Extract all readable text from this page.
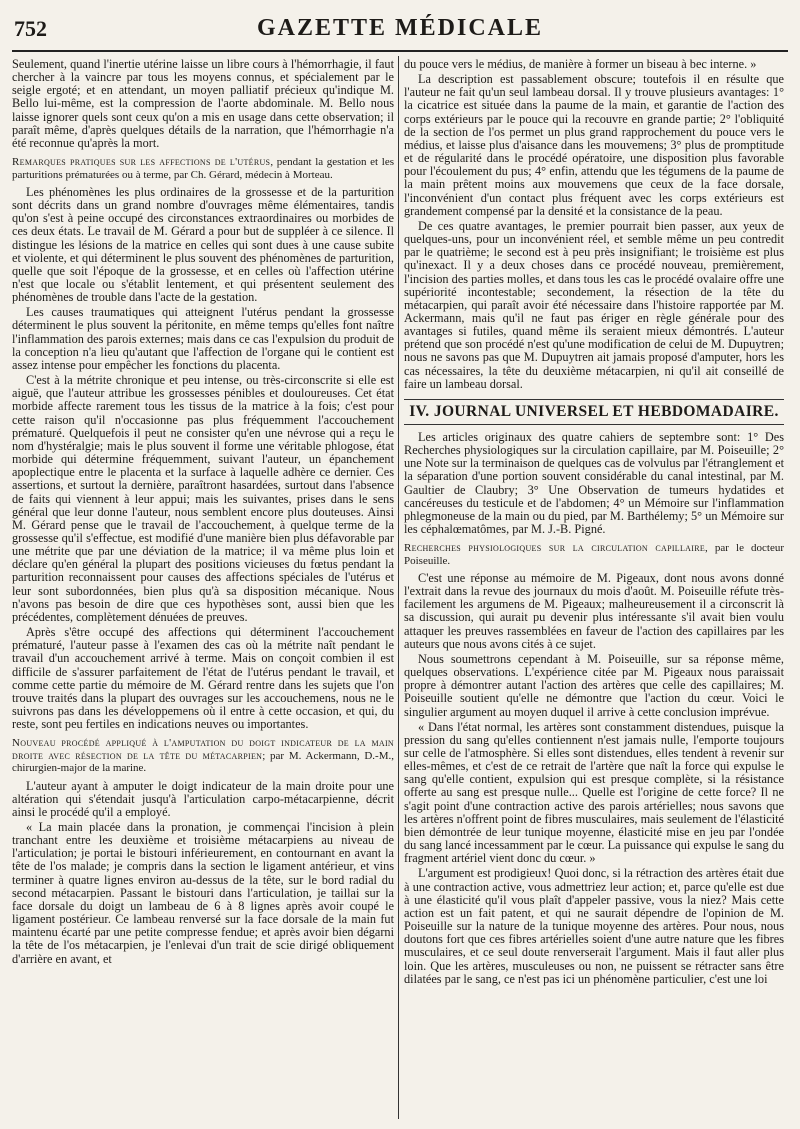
752	GAZETTE MÉDICALE

Seulement, quand l'inertie utérine laisse un libre cours à l'hémorrhagie, il faut chercher à la vaincre par tous les moyens connus, et spécialement par le seigle ergoté; et en attendant, un moyen palliatif précieux qu'indique M. Bello lui-même, est la compression de l'aorte abdominale. M. Bello nous laisse ignorer quels sont ceux qu'on a mis en usage dans cette observation; il paraît même, d'après quelques détails de la narration, que l'hémorrhagie n'a été reconnue qu'après la mort.

Remarques pratiques sur les affections de l'utérus, pendant la gestation et les parturitions prématurées ou à terme, par Ch. Gérard, médecin à Morteau.

Les phénomènes les plus ordinaires de la grossesse et de la parturition sont décrits dans un grand nombre d'ouvrages même élémentaires, tandis qu'on s'est à peine occupé des circonstances extraordinaires ou morbides de ces deux états. Le travail de M. Gérard a pour but de suppléer à ce silence. Il distingue les lésions de la matrice en celles qui sont dues à une cause subite et violente, et qui déterminent le plus souvent des phénomènes de parturition, quelle que soit l'époque de la grossesse, et en celles où l'affection utérine n'est que locale ou s'établit lentement, et qui présentent seulement des phénomènes de trouble dans l'acte de la gestation.

Les causes traumatiques qui atteignent l'utérus pendant la grossesse déterminent le plus souvent la péritonite, en même temps qu'elles font naître l'inflammation des parois externes; mais dans ce cas l'expulsion du produit de la conception n'a lieu qu'autant que l'affection de l'organe qui le contient est assez intense pour empêcher les fonctions du placenta.

C'est à la métrite chronique et peu intense, ou très-circonscrite si elle est aiguë, que l'auteur attribue les grossesses pénibles et douloureuses. Cet état morbide affecte rarement tous les tissus de la matrice à la fois; c'est pour cette raison qu'il n'occasionne pas plus fréquemment l'accouchement prématuré. Quelquefois il peut ne consister qu'en une névrose qui a reçu le nom d'hystéralgie; mais le plus souvent il forme une véritable phlogose, état morbide qui détermine fréquemment, suivant l'auteur, un épanchement apoplectique entre le placenta et la surface à laquelle adhère ce dernier. Ces assertions, et surtout la dernière, paraîtront hasardées, surtout dans l'absence de faits qui viennent à leur appui; mais les suivantes, prises dans le sens général que leur donne l'auteur, nous semblent encore plus douteuses. Ainsi M. Gérard pense que le travail de l'accouchement, à quelque terme de la grossesse qu'il s'effectue, est modifié d'une manière bien plus défavorable par une métrite que par une déviation de la matrice; il va même plus loin et déclare qu'en général la plupart des positions vicieuses du fœtus pendant la parturition reconnaissent pour causes des affections spéciales de l'utérus et leur sont subordonnées, bien plus qu'à sa disposition mécanique. Nous n'avons pas besoin de dire que ces hypothèses sont, aussi bien que les précédentes, complètement dénuées de preuves.

Après s'être occupé des affections qui déterminent l'accouchement prématuré, l'auteur passe à l'examen des cas où la métrite naît pendant le travail d'un accouchement arrivé à terme. Mais on conçoit combien il est difficile de s'assurer parfaitement de l'état de l'utérus pendant le travail, et comme cette partie du mémoire de M. Gérard rentre dans les sujets que l'on trouve traités dans la plupart des ouvrages sur les accouchemens, nous ne le suivrons pas dans les développemens où il entre à cette occasion, et qui, du reste, sont peu fertiles en indications neuves ou importantes.

Nouveau procédé appliqué à l'amputation du doigt indicateur de la main droite avec résection de la tête du métacarpien; par M. Ackermann, D.-M., chirurgien-major de la marine.

L'auteur ayant à amputer le doigt indicateur de la main droite pour une altération qui s'étendait jusqu'à l'articulation carpo-métacarpienne, décrit ainsi le procédé qu'il a employé.

« La main placée dans la pronation, je commençai l'incision à plein tranchant entre les deuxième et troisième métacarpiens au niveau de l'articulation; je portai le bistouri inférieurement, en contournant en avant la tête de l'os malade; je compris dans la section le ligament antérieur, et vins terminer à quatre lignes environ au-dessus de la tête, sur le bord radial du second métacarpien. Passant le bistouri dans l'articulation, je taillai sur la face dorsale du doigt un lambeau de 6 à 8 lignes après avoir coupé le ligament postérieur. Ce lambeau renversé sur la face dorsale de la main fut maintenu écarté par une petite compresse fendue; et après avoir bien dégarni la tête de l'os métacarpien, je l'enlevai d'un trait de scie dirigé obliquement d'arrière en avant, et

du pouce vers le médius, de manière à former un biseau à bec interne. »

La description est passablement obscure; toutefois il en résulte que l'auteur ne fait qu'un seul lambeau dorsal. Il y trouve plusieurs avantages: 1° la cicatrice est située dans la paume de la main, et garantie de l'action des corps extérieurs par le pouce qui la recouvre en grande partie; 2° l'obliquité de la section de l'os permet un plus grand rapprochement du pouce vers le médius, et laisse plus d'aisance dans les mouvemens; 3° plus de promptitude et de régularité dans le procédé opératoire, une disposition plus favorable pour l'écoulement du pus; 4° enfin, attendu que les tégumens de la paume de la main prêtent moins aux mouvemens que ceux de la face dorsale, l'inconvénient d'un contact plus fréquent avec les corps extérieurs est grandement compensé par la densité et la consistance de la peau.

De ces quatre avantages, le premier pourrait bien passer, aux yeux de quelques-uns, pour un inconvénient réel, et semble même un peu contredit par le quatrième; le second est à peu près insignifiant; le troisième est plus qu'inexact. Il y a deux choses dans ce procédé nouveau, premièrement, l'incision des parties molles, et dans tous les cas le procédé ovalaire offre une supériorité incontestable; secondement, la résection de la tête du métacarpien, qui paraît avoir été nécessaire dans l'histoire rapportée par M. Ackermann, mais qu'il ne faut pas ériger en règle générale pour des avantages si futiles, quand même ils seraient mieux démontrés. L'auteur prétend que son procédé n'est qu'une modification de celui de M. Dupuytren; nous ne savons pas que M. Dupuytren ait jamais proposé d'amputer, hors les cas nécessaires, la tête du deuxième métacarpien, ni qu'il ait conseillé de faire un lambeau dorsal.

IV. JOURNAL UNIVERSEL ET HEBDOMADAIRE.

Les articles originaux des quatre cahiers de septembre sont: 1° Des Recherches physiologiques sur la circulation capillaire, par M. Poiseuille; 2° une Note sur la terminaison de quelques cas de volvulus par l'étranglement et la séparation d'une portion souvent considérable du canal intestinal, par M. Gaultier de Claubry; 3° Une Observation de tumeurs hydatides et cancéreuses du testicule et de l'abdomen; 4° un Mémoire sur l'inflammation phlegmoneuse de la main ou du pied, par M. Barthélemy; 5° un Mémoire sur les céphalœmatômes, par M. J.-B. Pigné.

Recherches physiologiques sur la circulation capillaire, par le docteur Poiseuille.

C'est une réponse au mémoire de M. Pigeaux, dont nous avons donné l'extrait dans la revue des journaux du mois d'août. M. Poiseuille réfute très-facilement les argumens de M. Pigeaux; malheureusement il a circonscrit là sa discussion, qui aurait pu devenir plus intéressante s'il avait bien voulu attaquer les preuves rassemblées en faveur de l'action des capillaires par les auteurs que nous avons cités à ce sujet.

Nous soumettrons cependant à M. Poiseuille, sur sa réponse même, quelques observations. L'expérience citée par M. Pigeaux nous paraissait propre à démontrer autant l'action des artères que celle des capillaires; M. Poiseuille soutient qu'elle ne démontre que l'action du cœur. Voici le singulier argument au moyen duquel il arrive à cette conclusion imprévue.

« Dans l'état normal, les artères sont constamment distendues, puisque la pression du sang qu'elles contiennent n'est jamais nulle, l'emporte toujours sur celle de l'atmosphère. Si elles sont distendues, elles tendent à revenir sur elles-mêmes, et c'est de ce retrait de l'artère que naît la force qui expulse le sang qu'elle contient, expulsion qui est presque complète, si la résistance offerte au sang est presque nulle... Quelle est l'origine de cette force? Il ne s'agit point d'une contraction active des parois artérielles; nous savons que les artères n'offrent point de fibres musculaires, mais seulement de l'élasticité bien démontrée de leur tunique moyenne, élasticité mise en jeu par l'ondée du sang lancé incessamment par le cœur. La puissance qui expulse le sang du fragment artériel vient donc du cœur. »

L'argument est prodigieux! Quoi donc, si la rétraction des artères était due à une contraction active, vous admettriez leur action; et, parce qu'elle est due à une élasticité qu'il vous plaît d'appeler passive, vous la niez? Mais cette action est un fait patent, et qui ne saurait dépendre de l'opinion de M. Poiseuille sur la nature de la tunique moyenne des artères. Pour nous, nous doutons fort que ces fibres artérielles soient d'une autre nature que les fibres musculaires, et ce seul doute renverserait l'argument. Mais il faut aller plus loin. Que les artères, musculeuses ou non, ne puissent se rétracter sans être dilatées par le sang, ce n'est pas ici un phénomène particulier, c'est une loi
